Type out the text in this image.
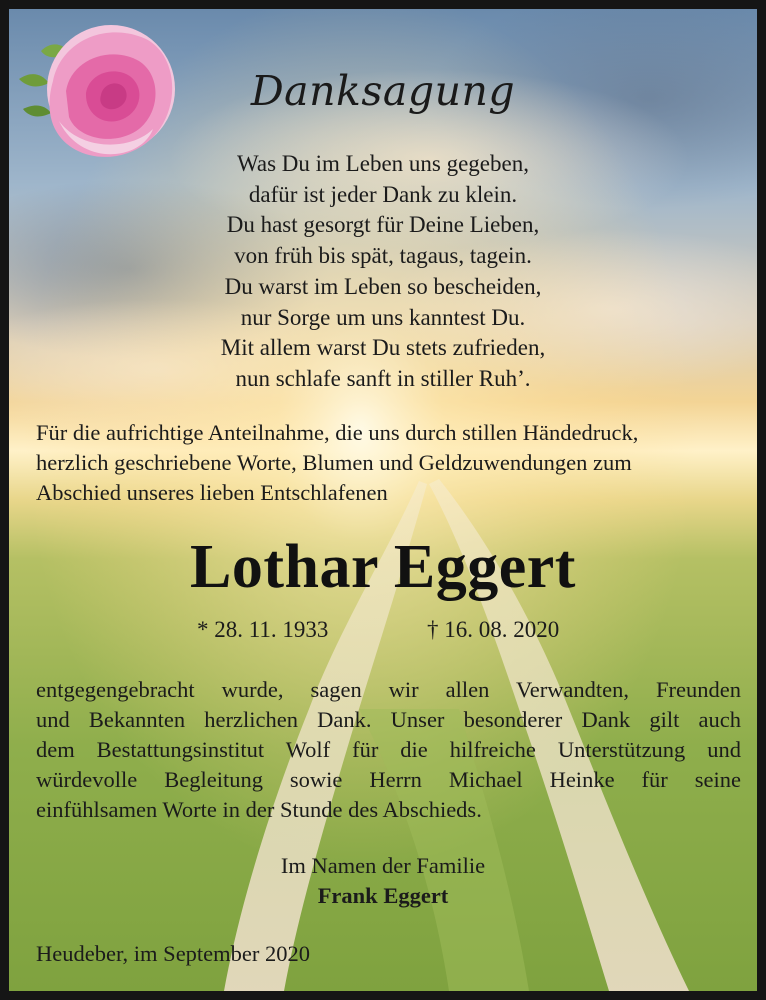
Danksagung
Was Du im Leben uns gegeben,
dafür ist jeder Dank zu klein.
Du hast gesorgt für Deine Lieben,
von früh bis spät, tagaus, tagein.
Du warst im Leben so bescheiden,
nur Sorge um uns kanntest Du.
Mit allem warst Du stets zufrieden,
nun schlafe sanft in stiller Ruh’.
Für die aufrichtige Anteilnahme, die uns durch stillen Händedruck,
herzlich geschriebene Worte, Blumen und Geldzuwendungen zum
Abschied unseres lieben Entschlafenen
Lothar Eggert
* 28. 11. 1933	† 16. 08. 2020
entgegengebracht wurde, sagen wir allen Verwandten, Freunden
und Bekannten herzlichen Dank. Unser besonderer Dank gilt auch
dem Bestattungsinstitut Wolf für die hilfreiche Unterstützung und
würdevolle Begleitung sowie Herrn Michael Heinke für seine
einfühlsamen Worte in der Stunde des Abschieds.
Im Namen der Familie
Frank Eggert
Heudeber, im September 2020
